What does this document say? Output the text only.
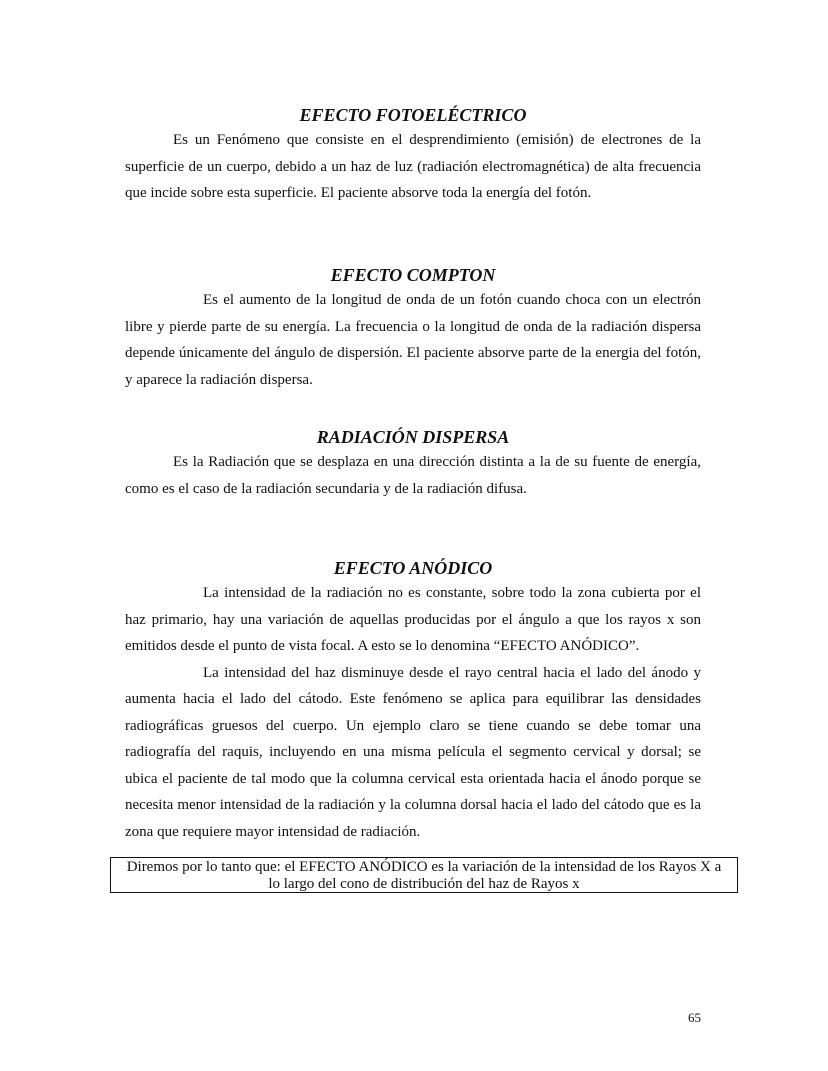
EFECTO FOTOELÉCTRICO

Es un Fenómeno que consiste en el desprendimiento (emisión) de electrones de la superficie de un cuerpo, debido a un haz de luz (radiación electromagnética) de alta frecuencia que incide sobre esta superficie. El paciente absorve toda la energía del fotón.

EFECTO COMPTON

Es el aumento de la longitud de onda de un fotón cuando choca con un electrón libre y pierde parte de su energía. La frecuencia o la longitud de onda de la radiación dispersa depende únicamente del ángulo de dispersión. El paciente absorve parte de la energia del fotón, y aparece la radiación dispersa.

RADIACIÓN DISPERSA

Es la Radiación que se desplaza en una dirección distinta a la de su fuente de energía, como es el caso de la radiación secundaria y de la radiación difusa.

EFECTO ANÓDICO

La intensidad de la radiación no es constante, sobre todo la zona cubierta por el haz primario, hay una variación de aquellas producidas por el ángulo a que los rayos x son emitidos desde el punto de vista focal. A esto se lo denomina “EFECTO ANÓDICO”.

La intensidad del haz disminuye desde el rayo central hacia el lado del ánodo y aumenta hacia el lado del cátodo. Este fenómeno se aplica para equilibrar las densidades radiográficas gruesos del cuerpo. Un ejemplo claro se tiene cuando se debe tomar una radiografía del raquis, incluyendo en una misma película el segmento cervical y dorsal; se ubica el paciente de tal modo que la columna cervical esta orientada hacia el ánodo porque se necesita menor intensidad de la radiación y la columna dorsal hacia el lado del cátodo que es la zona que requiere mayor intensidad de radiación.

Diremos por lo tanto que: el EFECTO ANÓDICO es la variación de la intensidad de los Rayos X a
lo largo del cono de distribución del haz de Rayos x
65
